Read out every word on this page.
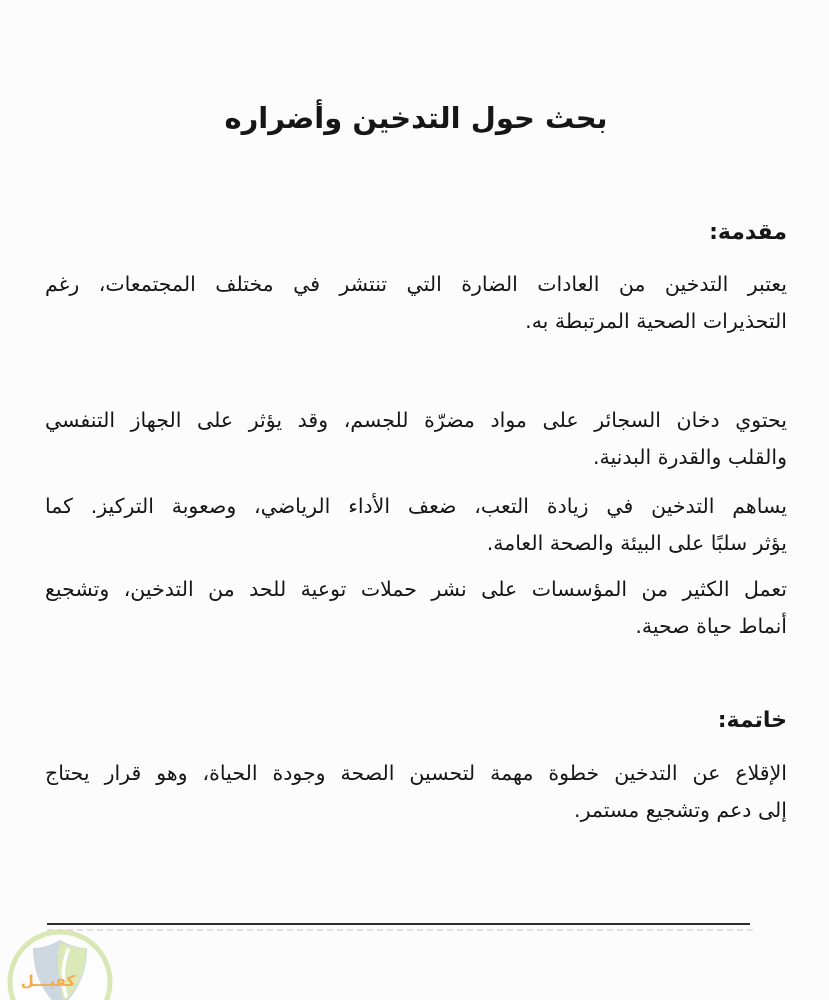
بحث حول التدخين وأضراره
مقدمة:

يعتبر التدخين من العادات الضارة التي تنتشر في مختلف المجتمعات، رغم
التحذيرات الصحية المرتبطة به.

يحتوي دخان السجائر على مواد مضرّة للجسم، وقد يؤثر على الجهاز التنفسي
والقلب والقدرة البدنية.

يساهم التدخين في زيادة التعب، ضعف الأداء الرياضي، وصعوبة التركيز. كما
يؤثر سلبًا على البيئة والصحة العامة.

تعمل الكثير من المؤسسات على نشر حملات توعية للحد من التدخين، وتشجيع
أنماط حياة صحية.

خاتمة:

الإقلاع عن التدخين خطوة مهمة لتحسين الصحة وجودة الحياة، وهو قرار يحتاج
إلى دعم وتشجيع مستمر.

كفيـــل
